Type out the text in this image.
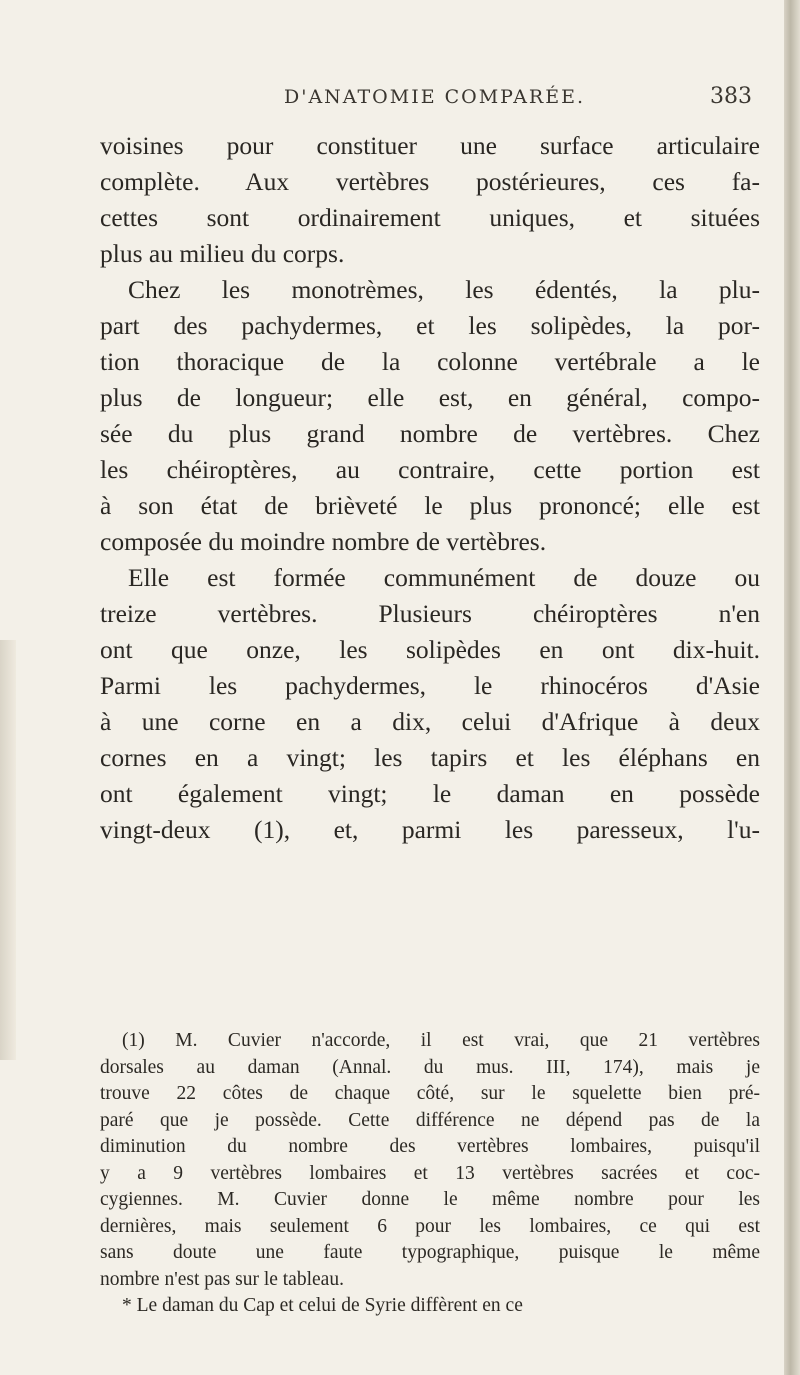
D'ANATOMIE COMPARÉE.	383
voisines pour constituer une surface articulaire
complète. Aux vertèbres postérieures, ces fa-
cettes sont ordinairement uniques, et situées
plus au milieu du corps.
Chez les monotrèmes, les édentés, la plu-
part des pachydermes, et les solipèdes, la por-
tion thoracique de la colonne vertébrale a le
plus de longueur; elle est, en général, compo-
sée du plus grand nombre de vertèbres. Chez
les chéiroptères, au contraire, cette portion est
à son état de brièveté le plus prononcé; elle est
composée du moindre nombre de vertèbres.
Elle est formée communément de douze ou
treize vertèbres. Plusieurs chéiroptères n'en
ont que onze, les solipèdes en ont dix-huit.
Parmi les pachydermes, le rhinocéros d'Asie
à une corne en a dix, celui d'Afrique à deux
cornes en a vingt; les tapirs et les éléphans en
ont également vingt; le daman en possède
vingt-deux (1), et, parmi les paresseux, l'u-
(1) M. Cuvier n'accorde, il est vrai, que 21 vertèbres
dorsales au daman (Annal. du mus. III, 174), mais je
trouve 22 côtes de chaque côté, sur le squelette bien pré-
paré que je possède. Cette différence ne dépend pas de la
diminution du nombre des vertèbres lombaires, puisqu'il
y a 9 vertèbres lombaires et 13 vertèbres sacrées et coc-
cygiennes. M. Cuvier donne le même nombre pour les
dernières, mais seulement 6 pour les lombaires, ce qui est
sans doute une faute typographique, puisque le même
nombre n'est pas sur le tableau.
* Le daman du Cap et celui de Syrie diffèrent en ce
